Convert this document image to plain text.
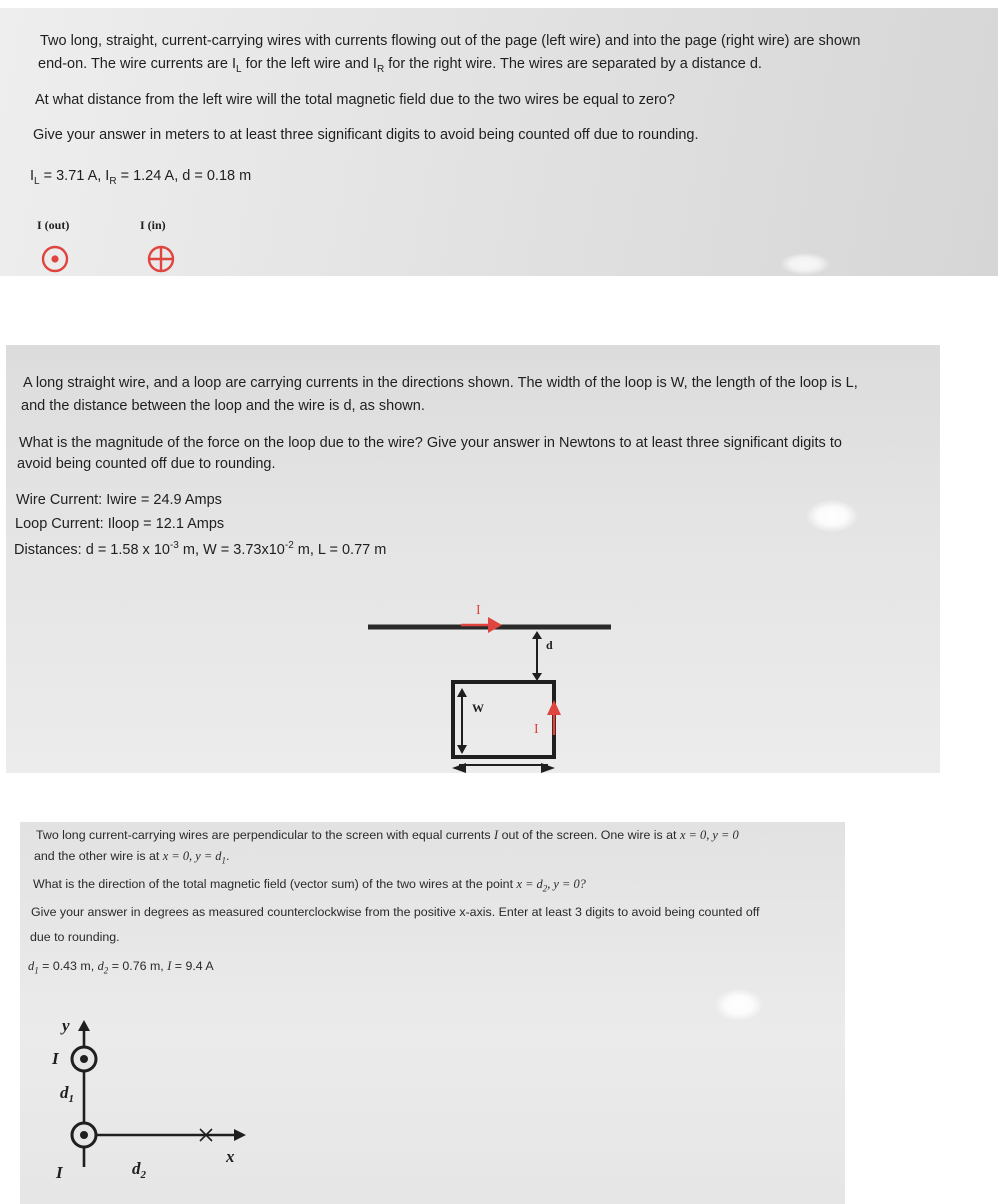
Two long, straight, current-carrying wires with currents flowing out of the page (left wire) and into the page (right wire) are shown
end-on. The wire currents are $I_L$ for the left wire and $I_R$ for the right wire. The wires are separated by a distance d.
At what distance from the left wire will the total magnetic field due to the two wires be equal to zero?
Give your answer in meters to at least three significant digits to avoid being counted off due to rounding.
$I_L = 3.71$ A, $I_R = 1.24$ A, d = 0.18 m
I (out)	I (in)
A long straight wire, and a loop are carrying currents in the directions shown. The width of the loop is W, the length of the loop is L,
and the distance between the loop and the wire is d, as shown.
What is the magnitude of the force on the loop due to the wire? Give your answer in Newtons to at least three significant digits to
avoid being counted off due to rounding.
Wire Current: Iwire = 24.9 Amps
Loop Current: Iloop = 12.1 Amps
Distances: d = 1.58 x $10^{-3}$ m, $W = 3.73x10^{-2}$ m, L = 0.77 m
I
d
W
I
Two long current-carrying wires are perpendicular to the screen with equal currents I out of the screen. One wire is at x = 0, y = 0
and the other wire is at x = 0, $y = d_1$.
What is the direction of the total magnetic field (vector sum) of the two wires at the point $x = d_2$, y = 0?
Give your answer in degrees as measured counterclockwise from the positive x-axis. Enter at least 3 digits to avoid being counted off
due to rounding.
$d_1 = 0.43$ m, $d_2 = 0.76$ m, I = 9.4 A
y
x
I
$d_1$
I	$d_2$
